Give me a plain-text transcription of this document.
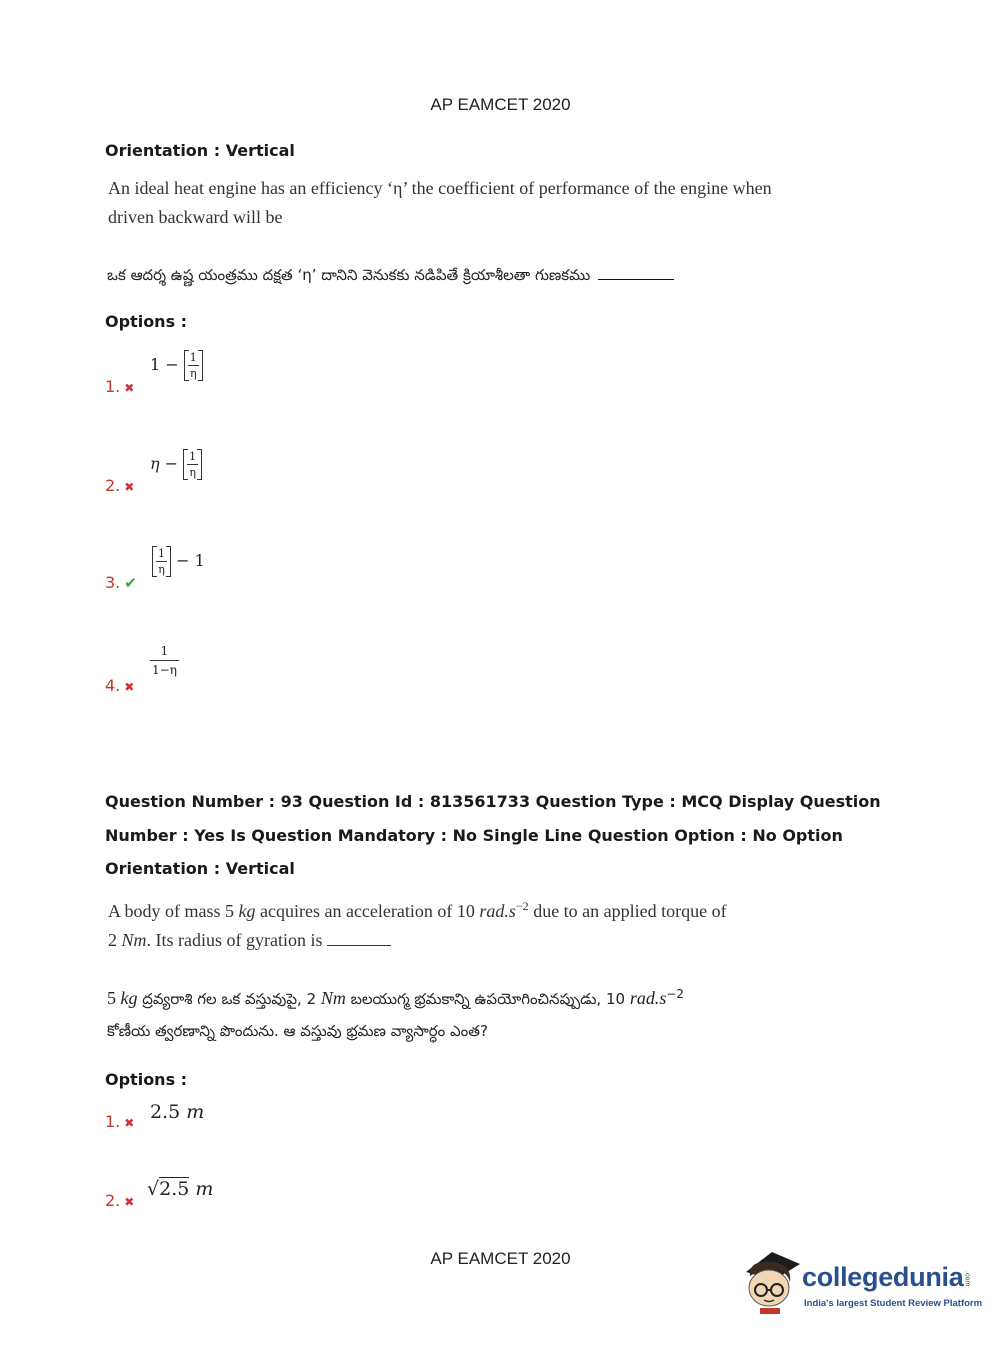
AP EAMCET 2020
Orientation : Vertical
An ideal heat engine has an efficiency ‘η’ the coefficient of performance of the engine when
driven backward will be
ఒక ఆదర్శ ఉష్ణ యంత్రము దక్షత ‘η’ దానిని వెనుకకు నడిపితే క్రియాశీలతా గుణకము
Options :
1. ✖
$1 - \frac{1}{\eta}$
2. ✖
$\eta - \frac{1}{\eta}$
3. ✔
$\frac{1}{\eta} - 1$
4. ✖
$\frac{1}{1-\eta}$
Question Number : 93 Question Id : 813561733 Question Type : MCQ Display Question
Number : Yes Is Question Mandatory : No Single Line Question Option : No Option
Orientation : Vertical
A body of mass 5 kg acquires an acceleration of 10 $rad.s^{-2}$ due to an applied torque of
2 Nm. Its radius of gyration is
5 kg ద్రవ్యరాశి గల ఒక వస్తువుపై, 2 Nm బలయుగ్మ భ్రమకాన్ని ఉపయోగించినప్పుడు, 10 $rad.s^{-2}$
కోణీయ త్వరణాన్ని పొందును. ఆ వస్తువు భ్రమణ వ్యాసార్ధం ఎంత?
Options :
1. ✖ 2.5 m
2. ✖
√2.5 m
AP EAMCET 2020
collegedunia.com
India's largest Student Review Platform
